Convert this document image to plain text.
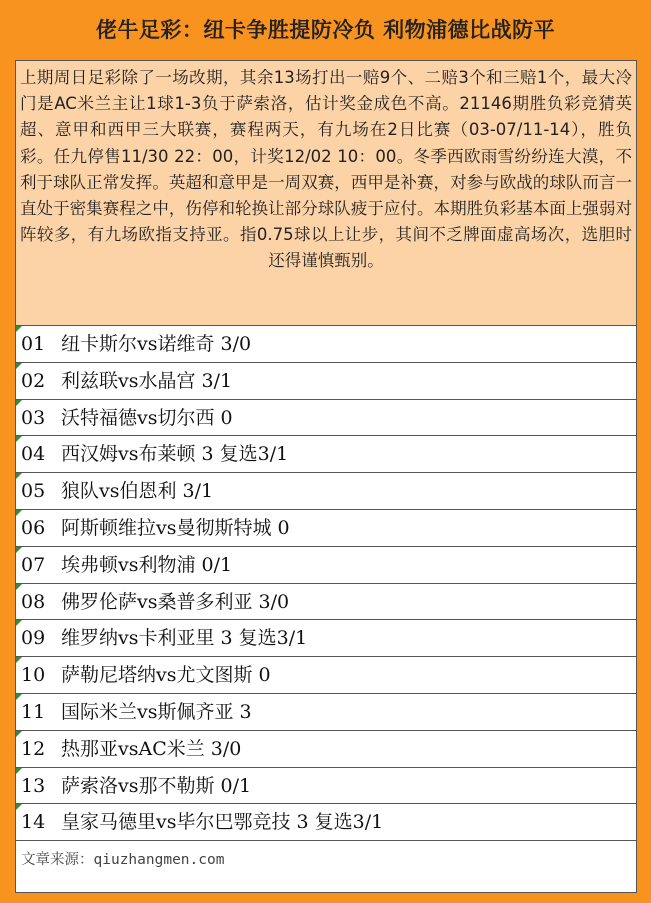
佬牛足彩：纽卡争胜提防冷负 利物浦德比战防平
上期周日足彩除了一场改期，其余13场打出一赔9个、二赔3个和三赔1个，最大冷门是AC米兰主让1球1-3负于萨索洛，估计奖金成色不高。21146期胜负彩竞猜英超、意甲和西甲三大联赛，赛程两天，有九场在2日比赛（03-07/11-14），胜负彩。任九停售11/30 22：00，计奖12/02 10：00。冬季西欧雨雪纷纷连大漠，不利于球队正常发挥。英超和意甲是一周双赛，西甲是补赛，对参与欧战的球队而言一直处于密集赛程之中，伤停和轮换让部分球队疲于应付。本期胜负彩基本面上强弱对阵较多，有九场欧指支持亚。指0.75球以上让步，其间不乏牌面虚高场次，选胆时还得谨慎甄别。
01 纽卡斯尔vs诺维奇 3/0
02 利兹联vs水晶宫 3/1
03 沃特福德vs切尔西 0
04 西汉姆vs布莱顿 3 复选3/1
05 狼队vs伯恩利 3/1
06 阿斯顿维拉vs曼彻斯特城 0
07 埃弗顿vs利物浦 0/1
08 佛罗伦萨vs桑普多利亚 3/0
09 维罗纳vs卡利亚里 3 复选3/1
10 萨勒尼塔纳vs尤文图斯 0
11 国际米兰vs斯佩齐亚 3
12 热那亚vsAC米兰 3/0
13 萨索洛vs那不勒斯 0/1
14 皇家马德里vs毕尔巴鄂竞技 3 复选3/1
文章来源：qiuzhangmen.com
